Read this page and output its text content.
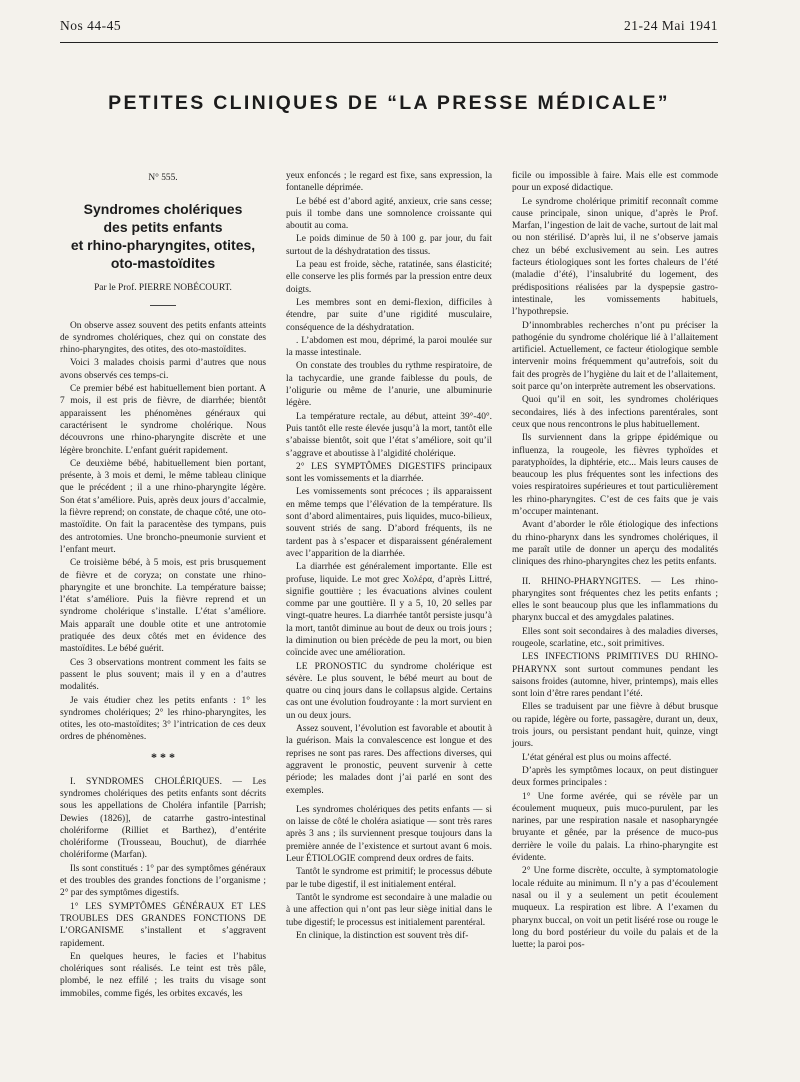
Nos 44-45	21-24 Mai 1941
PETITES CLINIQUES DE “LA PRESSE MÉDICALE”
N° 555.
Syndromes cholériques
des petits enfants
et rhino-pharyngites, otites,
oto-mastoïdites
Par le Prof. PIERRE NOBÉCOURT.

On observe assez souvent des petits enfants atteints de syndromes cholériques, chez qui on constate des rhino-pharyngites, des otites, des oto-mastoïdites.

Voici 3 malades choisis parmi d’autres que nous avons observés ces temps-ci.

Ce premier bébé est habituellement bien portant. A 7 mois, il est pris de fièvre, de diarrhée; bientôt apparaissent les phénomènes généraux qui caractérisent le syndrome cholérique. Nous découvrons une rhino-pharyngite discrète et une légère bronchite. L’enfant guérit rapidement.

Ce deuxième bébé, habituellement bien portant, présente, à 3 mois et demi, le même tableau clinique que le précédent ; il a une rhino-pharyngite légère. Son état s’améliore. Puis, après deux jours d’accalmie, la fièvre reprend; on constate, de chaque côté, une oto-mastoïdite. On fait la paracentèse des tympans, puis des antrotomies. Une broncho-pneumonie survient et l’enfant meurt.

Ce troisième bébé, à 5 mois, est pris brusquement de fièvre et de coryza; on constate une rhino-pharyngite et une bronchite. La température baisse; l’état s’améliore. Puis la fièvre reprend et un syndrome cholérique s’installe. L’état s’améliore. Mais apparaît une double otite et une antrotomie pratiquée des deux côtés met en évidence des mastoïdites. Le bébé guérit.

Ces 3 observations montrent comment les faits se passent le plus souvent; mais il y en a d’autres modalités.

Je vais étudier chez les petits enfants : 1° les syndromes cholériques; 2° les rhino-pharyngites, les otites, les oto-mastoïdites; 3° l’intrication de ces deux ordres de phénomènes.

* * *

I. SYNDROMES CHOLÉRIQUES. — Les syndromes cholériques des petits enfants sont décrits sous les appellations de Choléra infantile [Parrish; Dewies (1826)], de catarrhe gastro-intestinal cholériforme (Rilliet et Barthez), d’entérite cholériforme (Trousseau, Bouchut), de diarrhée cholériforme (Marfan).

Ils sont constitués : 1° par des symptômes généraux et des troubles des grandes fonctions de l’organisme ; 2° par des symptômes digestifs.

1° LES SYMPTÔMES GÉNÉRAUX ET LES TROUBLES DES GRANDES FONCTIONS DE L’ORGANISME s’installent et s’aggravent rapidement.

En quelques heures, le facies et l’habitus cholériques sont réalisés. Le teint est très pâle, plombé, le nez effilé ; les traits du visage sont immobiles, comme figés, les orbites excavés, les

yeux enfoncés ; le regard est fixe, sans expression, la fontanelle déprimée.

Le bébé est d’abord agité, anxieux, crie sans cesse; puis il tombe dans une somnolence croissante qui aboutit au coma.

Le poids diminue de 50 à 100 g. par jour, du fait surtout de la déshydratation des tissus.

La peau est froide, sèche, ratatinée, sans élasticité; elle conserve les plis formés par la pression entre deux doigts.

Les membres sont en demi-flexion, difficiles à étendre, par suite d’une rigidité musculaire, conséquence de la déshydratation.

. L’abdomen est mou, déprimé, la paroi moulée sur la masse intestinale.

On constate des troubles du rythme respiratoire, de la tachycardie, une grande faiblesse du pouls, de l’oligurie ou même de l’anurie, une albuminurie légère.

La température rectale, au début, atteint 39°-40°. Puis tantôt elle reste élevée jusqu’à la mort, tantôt elle s’abaisse bientôt, soit que l’état s’améliore, soit qu’il s’aggrave et aboutisse à l’algidité cholérique.

2° LES SYMPTÔMES DIGESTIFS principaux sont les vomissements et la diarrhée.

Les vomissements sont précoces ; ils apparaissent en même temps que l’élévation de la température. Ils sont d’abord alimentaires, puis liquides, muco-bilieux, souvent striés de sang. D’abord fréquents, ils ne tardent pas à s’espacer et disparaissent généralement avec l’apparition de la diarrhée.

La diarrhée est généralement importante. Elle est profuse, liquide. Le mot grec Χολέρα, d’après Littré, signifie gouttière ; les évacuations alvines coulent comme par une gouttière. Il y a 5, 10, 20 selles par vingt-quatre heures. La diarrhée tantôt persiste jusqu’à la mort, tantôt diminue au bout de deux ou trois jours ; la diminution ou bien précède de peu la mort, ou bien coïncide avec une amélioration.

LE PRONOSTIC du syndrome cholérique est sévère. Le plus souvent, le bébé meurt au bout de quatre ou cinq jours dans le collapsus algide. Certains cas ont une évolution foudroyante : la mort survient en un ou deux jours.

Assez souvent, l’évolution est favorable et aboutit à la guérison. Mais la convalescence est longue et des reprises ne sont pas rares. Des affections diverses, qui aggravent le pronostic, peuvent survenir à cette période; les malades dont j’ai parlé en sont des exemples.

Les syndromes cholériques des petits enfants — si on laisse de côté le choléra asiatique — sont très rares après 3 ans ; ils surviennent presque toujours dans la première année de l’existence et surtout avant 6 mois. Leur ÉTIOLOGIE comprend deux ordres de faits.

Tantôt le syndrome est primitif; le processus débute par le tube digestif, il est initialement entéral.

Tantôt le syndrome est secondaire à une maladie ou à une affection qui n’ont pas leur siège initial dans le tube digestif; le processus est initialement parentéral.

En clinique, la distinction est souvent très dif-

ficile ou impossible à faire. Mais elle est commode pour un exposé didactique.

Le syndrome cholérique primitif reconnaît comme cause principale, sinon unique, d’après le Prof. Marfan, l’ingestion de lait de vache, surtout de lait mal ou non stérilisé. D’après lui, il ne s’observe jamais chez un bébé exclusivement au sein. Les autres facteurs étiologiques sont les fortes chaleurs de l’été (maladie d’été), l’insalubrité du logement, des prédispositions réalisées par la dyspepsie gastro-intestinale, les vomissements habituels, l’hypothrepsie.

D’innombrables recherches n’ont pu préciser la pathogénie du syndrome cholérique lié à l’allaitement artificiel. Actuellement, ce facteur étiologique semble intervenir moins fréquemment qu’autrefois, soit du fait des progrès de l’hygiène du lait et de l’allaitement, soit parce qu’on interprète autrement les observations.

Quoi qu’il en soit, les syndromes cholériques secondaires, liés à des infections parentérales, sont ceux que nous rencontrons le plus habituellement.

Ils surviennent dans la grippe épidémique ou influenza, la rougeole, les fièvres typhoïdes et paratyphoïdes, la diphtérie, etc... Mais leurs causes de beaucoup les plus fréquentes sont les infections des voies respiratoires supérieures et tout particulièrement les rhino-pharyngites. C’est de ces faits que je vais m’occuper maintenant.

Avant d’aborder le rôle étiologique des infections du rhino-pharynx dans les syndromes cholériques, il me paraît utile de donner un aperçu des modalités cliniques des rhino-pharyngites chez les petits enfants.

II. RHINO-PHARYNGITES. — Les rhino-pharyngites sont fréquentes chez les petits enfants ; elles le sont beaucoup plus que les inflammations du pharynx buccal et des amygdales palatines.

Elles sont soit secondaires à des maladies diverses, rougeole, scarlatine, etc., soit primitives.

LES INFECTIONS PRIMITIVES DU RHINO-PHARYNX sont surtout communes pendant les saisons froides (automne, hiver, printemps), mais elles sont loin d’être rares pendant l’été.

Elles se traduisent par une fièvre à début brusque ou rapide, légère ou forte, passagère, durant un, deux, trois jours, ou persistant pendant huit, quinze, vingt jours.

L’état général est plus ou moins affecté.

D’après les symptômes locaux, on peut distinguer deux formes principales :

1° Une forme avérée, qui se révèle par un écoulement muqueux, puis muco-purulent, par les narines, par une respiration nasale et nasopharyngée bruyante et gênée, par la présence de muco-pus derrière le voile du palais. La rhino-pharyngite est évidente.

2° Une forme discrète, occulte, à symptomatologie locale réduite au minimum. Il n’y a pas d’écoulement nasal ou il y a seulement un petit écoulement muqueux. La respiration est libre. A l’examen du pharynx buccal, on voit un petit liséré rose ou rouge le long du bord postérieur du voile du palais et de la luette; la paroi pos-
